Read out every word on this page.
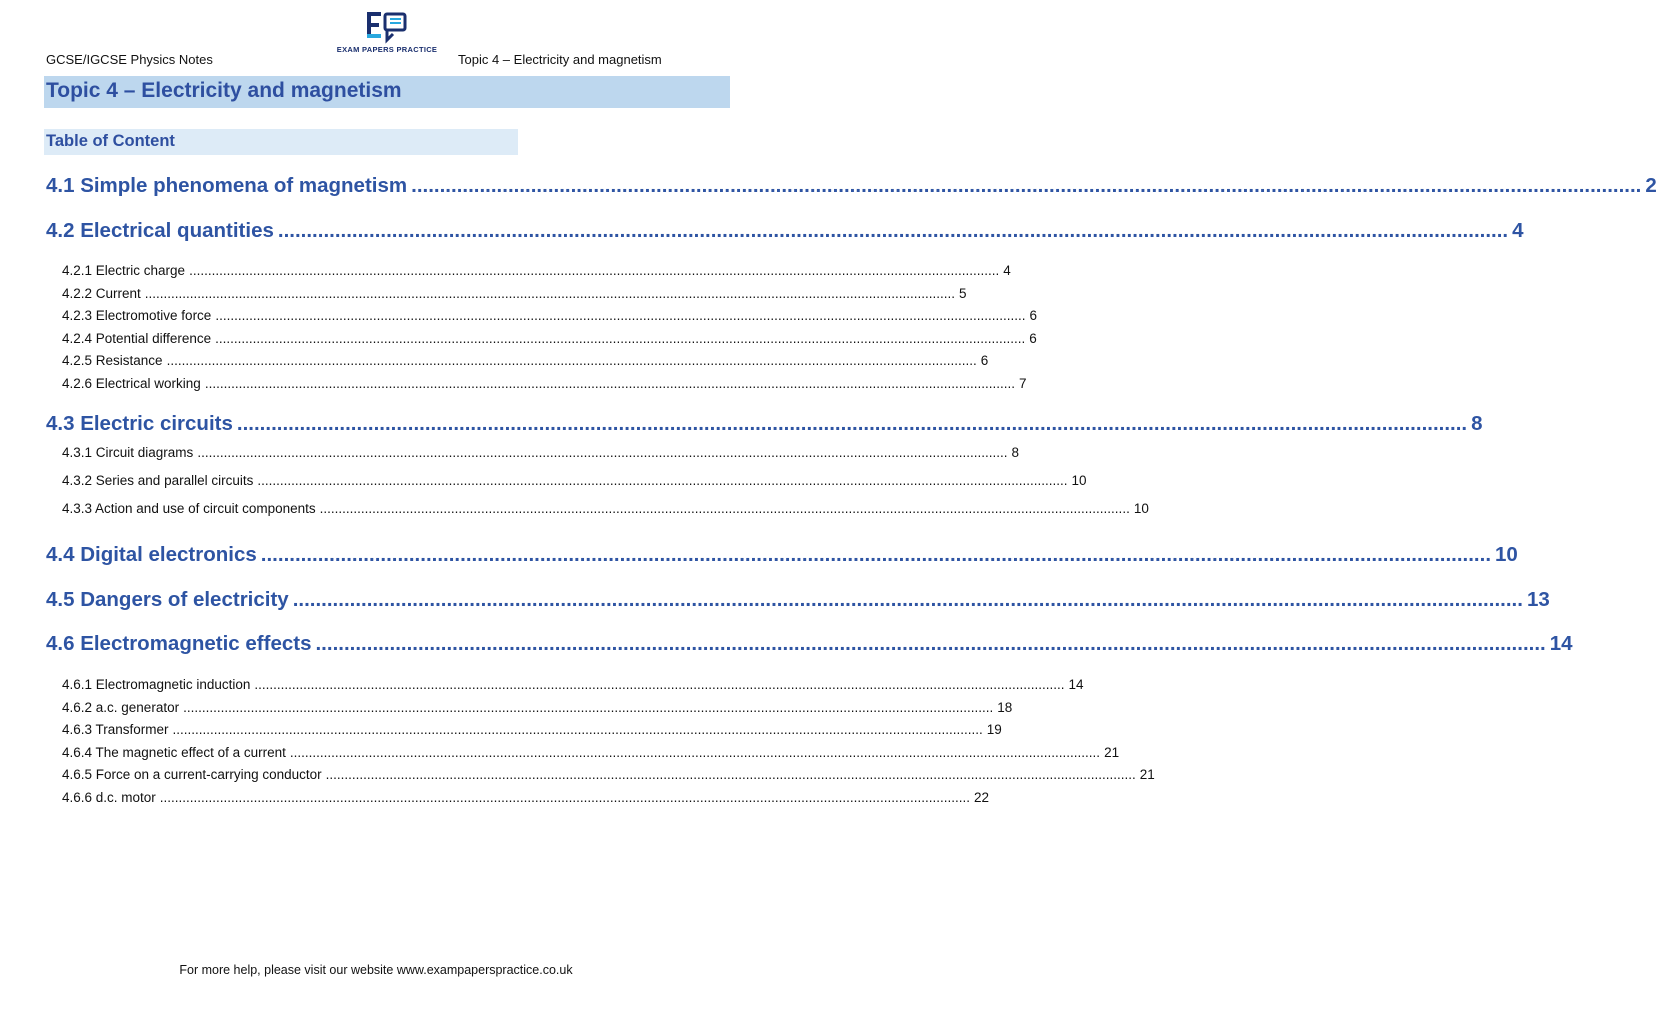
GCSE/IGCSE Physics Notes
EXAM PAPERS PRACTICE
Topic 4 – Electricity and magnetism
Topic 4 – Electricity and magnetism
Table of Content
4.1 Simple phenomena of magnetism ........................................................................................................................................................................................................................ 2
4.2 Electrical quantities ........................................................................................................................................................................................................................ 4
4.2.1 Electric charge ........................................................................................................................................................................................................................ 4
4.2.2 Current ........................................................................................................................................................................................................................ 5
4.2.3 Electromotive force ........................................................................................................................................................................................................................ 6
4.2.4 Potential difference ........................................................................................................................................................................................................................ 6
4.2.5 Resistance ........................................................................................................................................................................................................................ 6
4.2.6 Electrical working ........................................................................................................................................................................................................................ 7
4.3 Electric circuits ........................................................................................................................................................................................................................ 8
4.3.1 Circuit diagrams ........................................................................................................................................................................................................................ 8
4.3.2 Series and parallel circuits ........................................................................................................................................................................................................................ 10
4.3.3 Action and use of circuit components ........................................................................................................................................................................................................................ 10
4.4 Digital electronics ........................................................................................................................................................................................................................ 10
4.5 Dangers of electricity ........................................................................................................................................................................................................................ 13
4.6 Electromagnetic effects ........................................................................................................................................................................................................................ 14
4.6.1 Electromagnetic induction ........................................................................................................................................................................................................................ 14
4.6.2 a.c. generator ........................................................................................................................................................................................................................ 18
4.6.3 Transformer ........................................................................................................................................................................................................................ 19
4.6.4 The magnetic effect of a current ........................................................................................................................................................................................................................ 21
4.6.5 Force on a current-carrying conductor ........................................................................................................................................................................................................................ 21
4.6.6 d.c. motor ........................................................................................................................................................................................................................ 22
For more help, please visit our website www.exampaperspractice.co.uk
